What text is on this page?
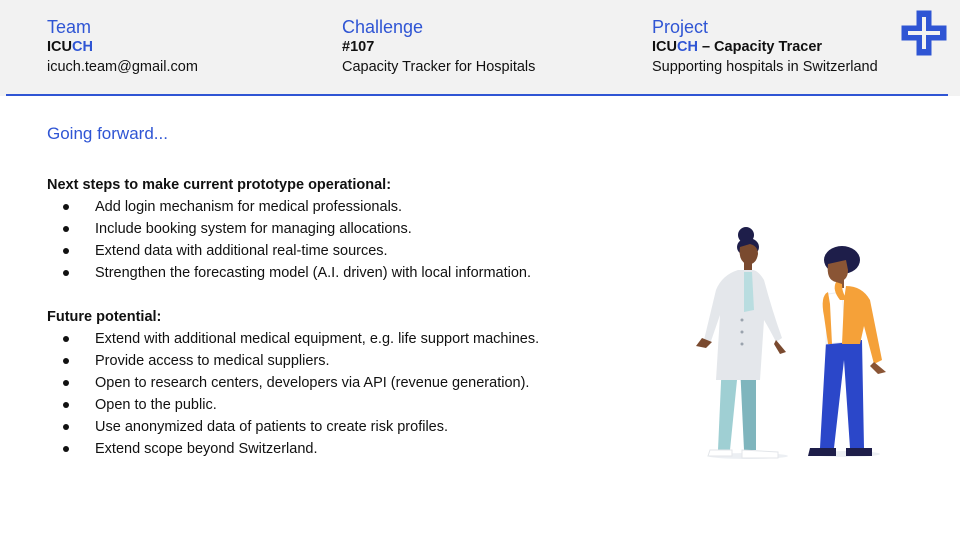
Team
ICUCH
icuch.team@gmail.com
Challenge
#107
Capacity Tracker for Hospitals
Project
ICUCH – Capacity Tracer
Supporting hospitals in Switzerland
Going forward...
Next steps to make current prototype operational:
Add login mechanism for medical professionals.
Include booking system for managing allocations.
Extend data with additional real-time sources.
Strengthen the forecasting model (A.I. driven) with local information.
Future potential:
Extend with additional medical equipment, e.g. life support machines.
Provide access to medical suppliers.
Open to research centers, developers via API (revenue generation).
Open to the public.
Use anonymized data of patients to create risk profiles.
Extend scope beyond Switzerland.
